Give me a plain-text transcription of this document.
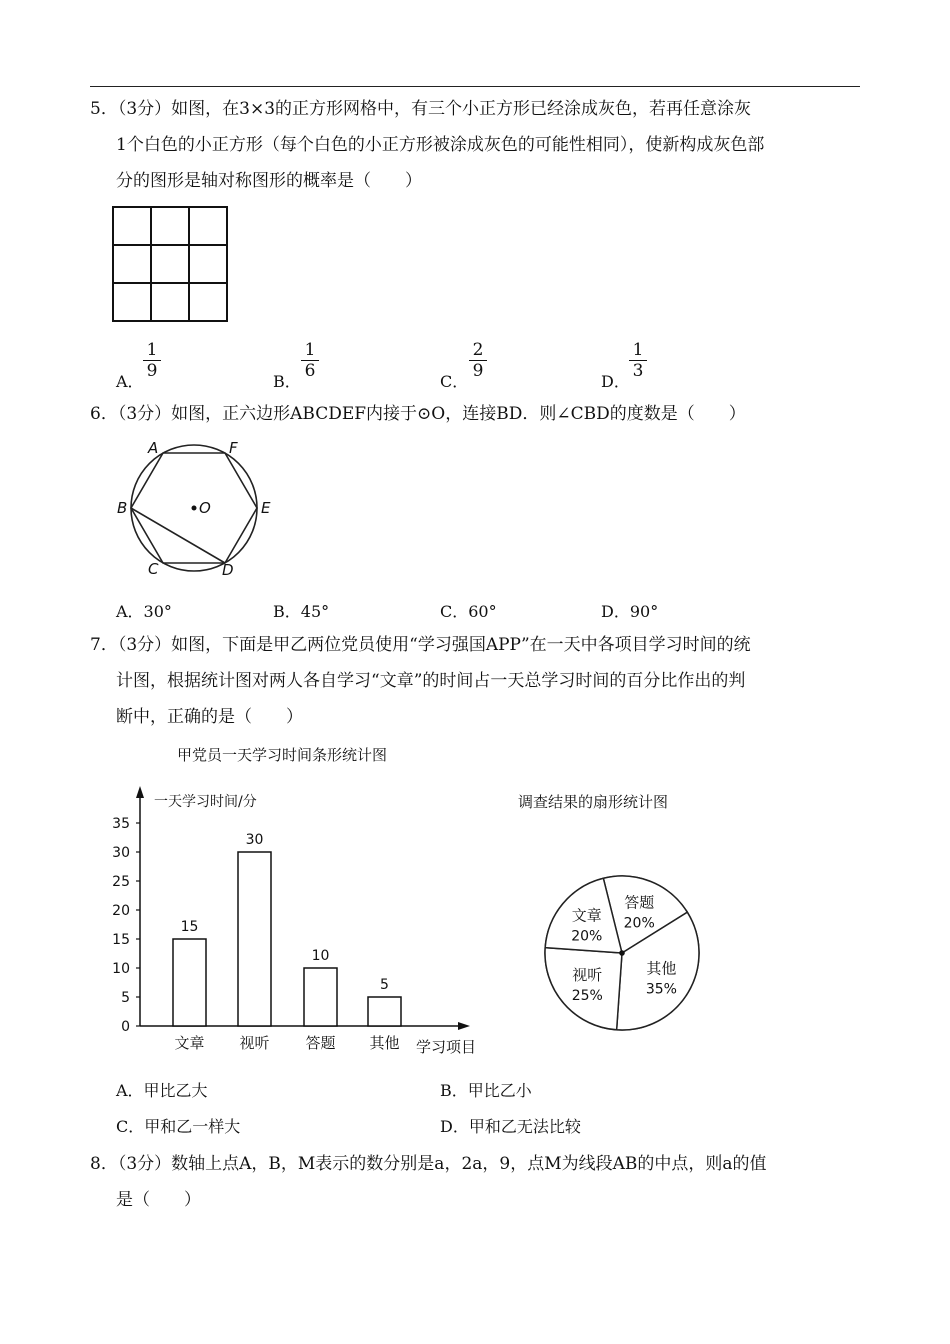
5．（3分）如图，在3×3的正方形网格中，有三个小正方形已经涂成灰色，若再任意涂灰
1个白色的小正方形（每个白色的小正方形被涂成灰色的可能性相同），使新构成灰色部
分的图形是轴对称图形的概率是（　　）
A．
1
9
B．
1
6
C．
2
9
D．
1
3
6．（3分）如图，正六边形ABCDEF内接于⊙O，连接BD．则∠CBD的度数是（　　）
A	F
B	O	E
C	D
A．30°	B．45°	C．60°	D．90°
7．（3分）如图，下面是甲乙两位党员使用“学习强国APP”在一天中各项目学习时间的统
计图，根据统计图对两人各自学习“文章”的时间占一天总学习时间的百分比作出的判
断中，正确的是（　　）
甲党员一天学习时间条形统计图
一天学习时间/分
学习项目
0
5
10
15
20
25
30
35
15
文章
30
视听
10
答题
5
其他
调查结果的扇形统计图
答题
20%
其他
35%
视听
25%
文章
20%
A．甲比乙大	B．甲比乙小
C．甲和乙一样大	D．甲和乙无法比较
8．（3分）数轴上点A，B，M表示的数分别是a，2a，9，点M为线段AB的中点，则a的值
是（　　）
